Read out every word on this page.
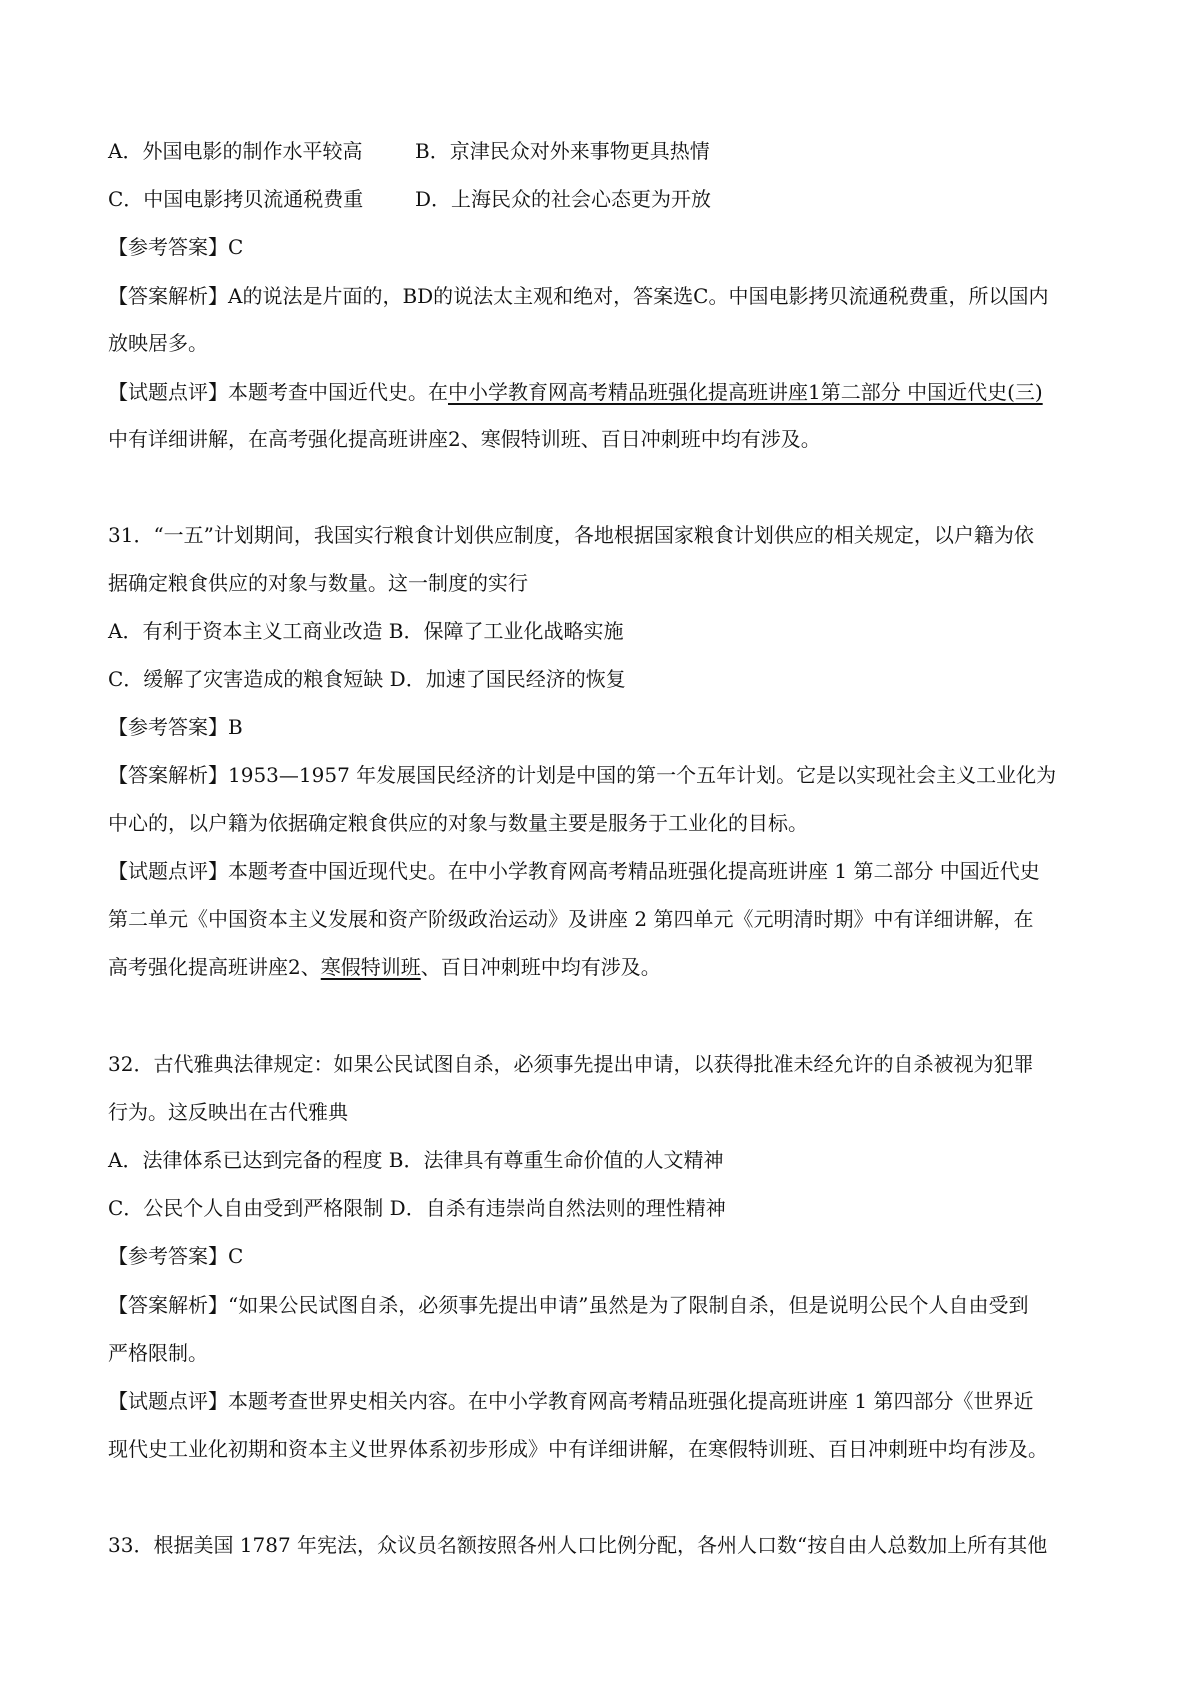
A．外国电影的制作水平较高	B．京津民众对外来事物更具热情
C．中国电影拷贝流通税费重	D．上海民众的社会心态更为开放
【参考答案】C
【答案解析】A的说法是片面的，BD的说法太主观和绝对，答案选C。中国电影拷贝流通税费重，所以国内
放映居多。
【试题点评】本题考查中国近代史。在中小学教育网高考精品班强化提高班讲座1第二部分 中国近代史(三)
中有详细讲解，在高考强化提高班讲座2、寒假特训班、百日冲刺班中均有涉及。
31．“一五”计划期间，我国实行粮食计划供应制度，各地根据国家粮食计划供应的相关规定，以户籍为依
据确定粮食供应的对象与数量。这一制度的实行
A．有利于资本主义工商业改造 B．保障了工业化战略实施
C．缓解了灾害造成的粮食短缺 D．加速了国民经济的恢复
【参考答案】B
【答案解析】1953—1957 年发展国民经济的计划是中国的第一个五年计划。它是以实现社会主义工业化为
中心的，以户籍为依据确定粮食供应的对象与数量主要是服务于工业化的目标。
【试题点评】本题考查中国近现代史。在中小学教育网高考精品班强化提高班讲座 1 第二部分 中国近代史
第二单元《中国资本主义发展和资产阶级政治运动》及讲座 2 第四单元《元明清时期》中有详细讲解，在
高考强化提高班讲座2、寒假特训班、百日冲刺班中均有涉及。
32．古代雅典法律规定：如果公民试图自杀，必须事先提出申请，以获得批准未经允许的自杀被视为犯罪
行为。这反映出在古代雅典
A．法律体系已达到完备的程度 B．法律具有尊重生命价值的人文精神
C．公民个人自由受到严格限制 D．自杀有违崇尚自然法则的理性精神
【参考答案】C
【答案解析】“如果公民试图自杀，必须事先提出申请”虽然是为了限制自杀，但是说明公民个人自由受到
严格限制。
【试题点评】本题考查世界史相关内容。在中小学教育网高考精品班强化提高班讲座 1 第四部分《世界近
现代史工业化初期和资本主义世界体系初步形成》中有详细讲解，在寒假特训班、百日冲刺班中均有涉及。
33．根据美国 1787 年宪法，众议员名额按照各州人口比例分配，各州人口数“按自由人总数加上所有其他
